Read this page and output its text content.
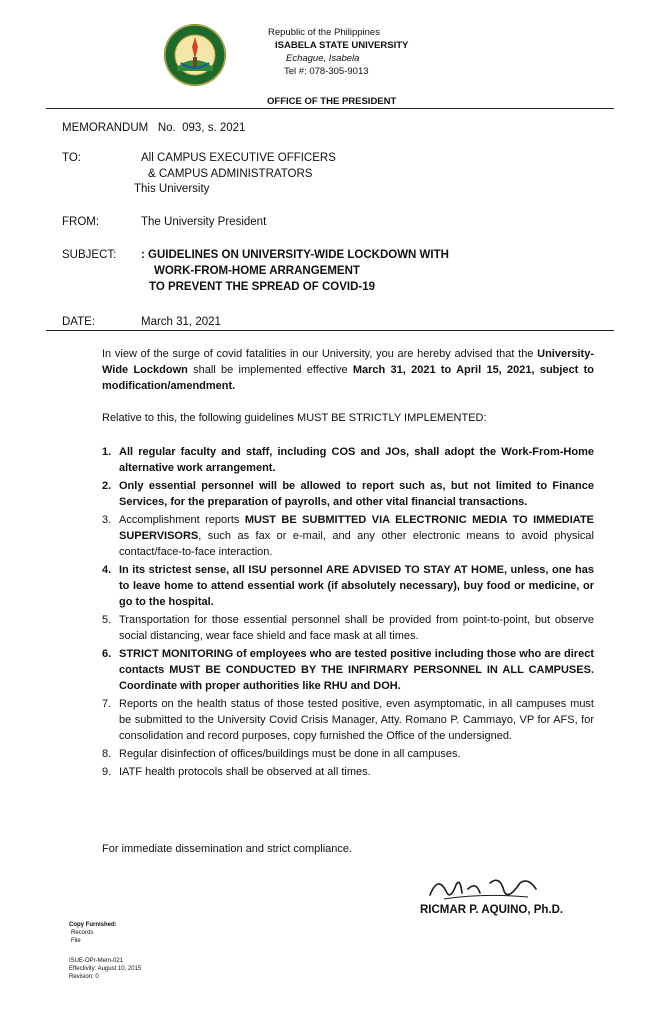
Republic of the Philippines
ISABELA STATE UNIVERSITY
Echague, Isabela
Tel #: 078-305-9013
OFFICE OF THE PRESIDENT
MEMORANDUM   No.  093, s. 2021
TO:	All CAMPUS EXECUTIVE OFFICERS
& CAMPUS ADMINISTRATORS
This University
FROM:	The University President
SUBJECT: : GUIDELINES ON UNIVERSITY-WIDE LOCKDOWN WITH
WORK-FROM-HOME ARRANGEMENT
TO PREVENT THE SPREAD OF COVID-19
DATE:	March 31, 2021
In view of the surge of covid fatalities in our University, you are hereby advised that the University-Wide Lockdown shall be implemented effective March 31, 2021 to April 15, 2021, subject to modification/amendment.
Relative to this, the following guidelines MUST BE STRICTLY IMPLEMENTED:
1. All regular faculty and staff, including COS and JOs, shall adopt the Work-From-Home alternative work arrangement.
2. Only essential personnel will be allowed to report such as, but not limited to Finance Services, for the preparation of payrolls, and other vital financial transactions.
3. Accomplishment reports MUST BE SUBMITTED VIA ELECTRONIC MEDIA TO IMMEDIATE SUPERVISORS, such as fax or e-mail, and any other electronic means to avoid physical contact/face-to-face interaction.
4. In its strictest sense, all ISU personnel ARE ADVISED TO STAY AT HOME, unless, one has to leave home to attend essential work (if absolutely necessary), buy food or medicine, or go to the hospital.
5. Transportation for those essential personnel shall be provided from point-to-point, but observe social distancing, wear face shield and face mask at all times.
6. STRICT MONITORING of employees who are tested positive including those who are direct contacts MUST BE CONDUCTED BY THE INFIRMARY PERSONNEL IN ALL CAMPUSES. Coordinate with proper authorities like RHU and DOH.
7. Reports on the health status of those tested positive, even asymptomatic, in all campuses must be submitted to the University Covid Crisis Manager, Atty. Romano P. Cammayo, VP for AFS, for consolidation and record purposes, copy furnished the Office of the undersigned.
8. Regular disinfection of offices/buildings must be done in all campuses.
9. IATF health protocols shall be observed at all times.
For immediate dissemination and strict compliance.
RICMAR P. AQUINO, Ph.D.
Copy Furnished:
Records
File
ISUE-OPr-Mem-021
Effectivity: August 10, 2015
Revision: 0
